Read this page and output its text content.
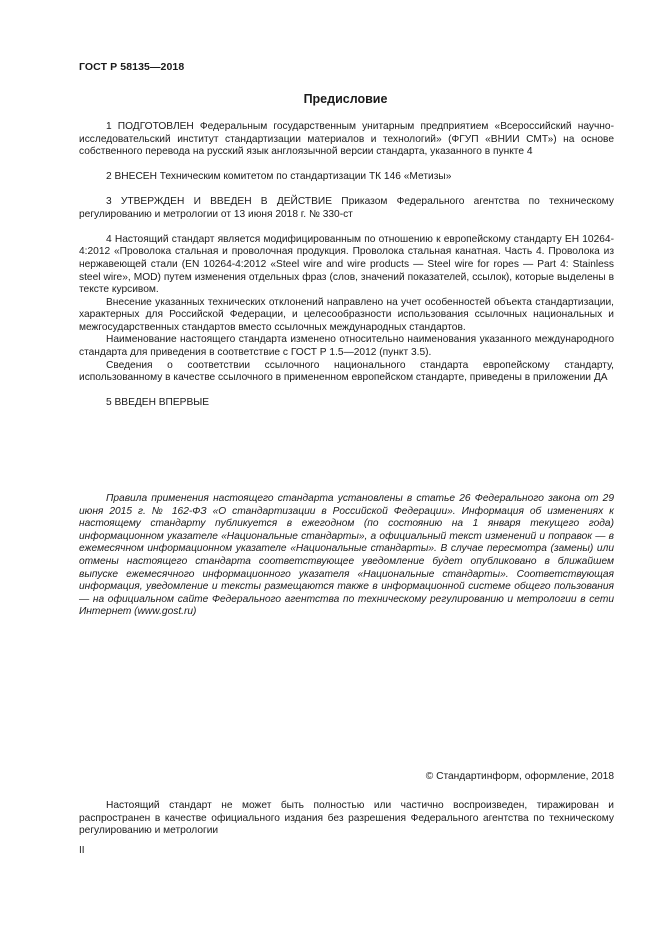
ГОСТ Р 58135—2018
Предисловие

1 ПОДГОТОВЛЕН Федеральным государственным унитарным предприятием «Всероссийский научно-исследовательский институт стандартизации материалов и технологий» (ФГУП «ВНИИ СМТ») на основе собственного перевода на русский язык англоязычной версии стандарта, указанного в пункте 4

2 ВНЕСЕН Техническим комитетом по стандартизации ТК 146 «Метизы»

3 УТВЕРЖДЕН И ВВЕДЕН В ДЕЙСТВИЕ Приказом Федерального агентства по техническому регулированию и метрологии от 13 июня 2018 г. № 330-ст

4 Настоящий стандарт является модифицированным по отношению к европейскому стандарту ЕН 10264-4:2012 «Проволока стальная и проволочная продукция. Проволока стальная канатная. Часть 4. Проволока из нержавеющей стали (EN 10264-4:2012 «Steel wire and wire products — Steel wire for ropes — Part 4: Stainless steel wire», MOD) путем изменения отдельных фраз (слов, значений показателей, ссылок), которые выделены в тексте курсивом.

Внесение указанных технических отклонений направлено на учет особенностей объекта стандартизации, характерных для Российской Федерации, и целесообразности использования ссылочных национальных и межгосударственных стандартов вместо ссылочных международных стандартов.

Наименование настоящего стандарта изменено относительно наименования указанного международного стандарта для приведения в соответствие с ГОСТ Р 1.5—2012 (пункт 3.5).

Сведения о соответствии ссылочного национального стандарта европейскому стандарту, использованному в качестве ссылочного в примененном европейском стандарте, приведены в приложении ДА

5 ВВЕДЕН ВПЕРВЫЕ

Правила применения настоящего стандарта установлены в статье 26 Федерального закона от 29 июня 2015 г. № 162-ФЗ «О стандартизации в Российской Федерации». Информация об изменениях к настоящему стандарту публикуется в ежегодном (по состоянию на 1 января текущего года) информационном указателе «Национальные стандарты», а официальный текст изменений и поправок — в ежемесячном информационном указателе «Национальные стандарты». В случае пересмотра (замены) или отмены настоящего стандарта соответствующее уведомление будет опубликовано в ближайшем выпуске ежемесячного информационного указателя «Национальные стандарты». Соответствующая информация, уведомление и тексты размещаются также в информационной системе общего пользования — на официальном сайте Федерального агентства по техническому регулированию и метрологии в сети Интернет (www.gost.ru)

© Стандартинформ, оформление, 2018

Настоящий стандарт не может быть полностью или частично воспроизведен, тиражирован и распространен в качестве официального издания без разрешения Федерального агентства по техническому регулированию и метрологии

II
